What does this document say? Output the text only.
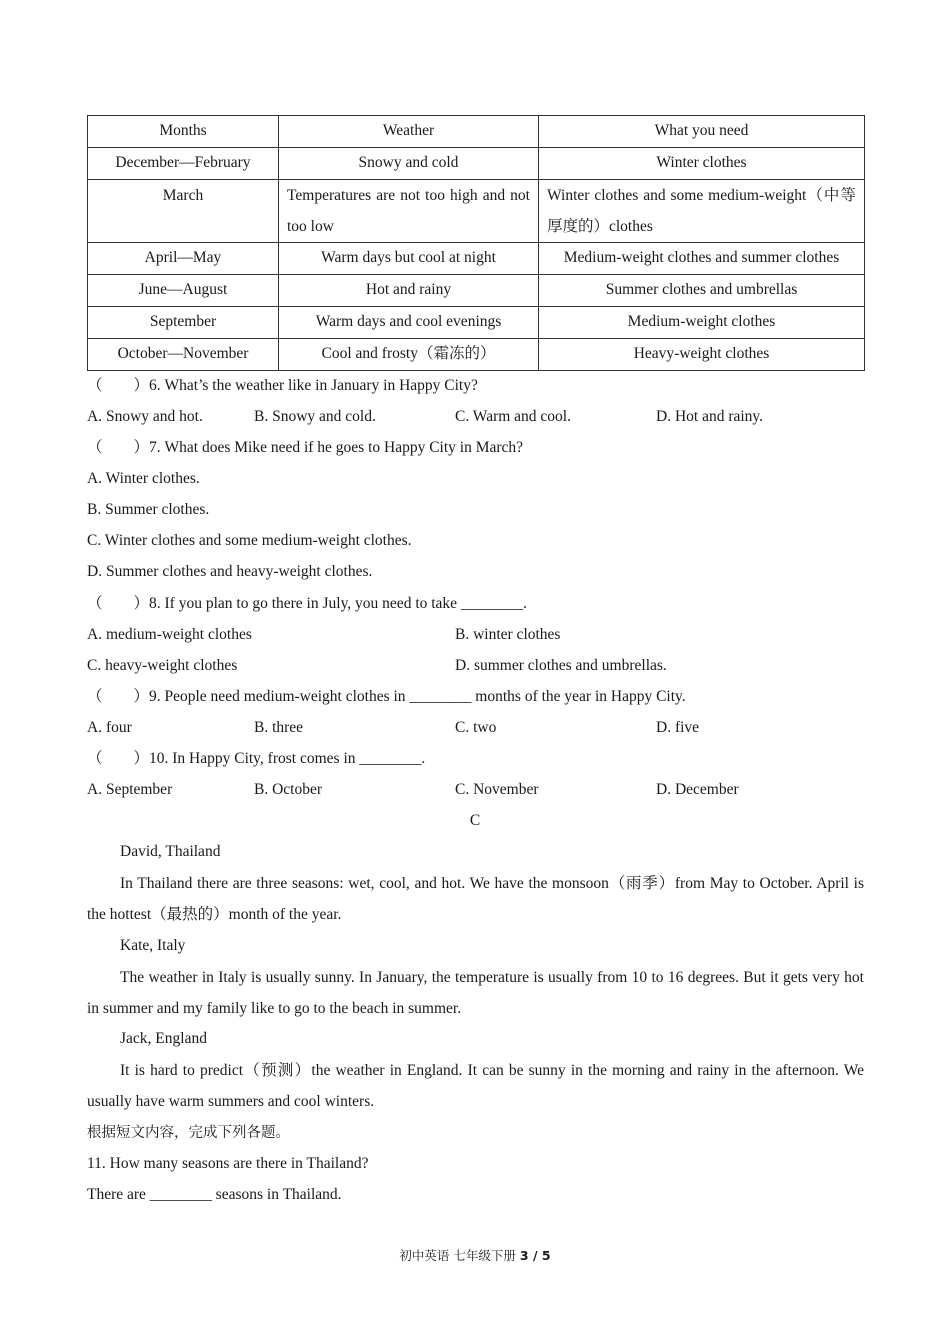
Months	Weather	What you need
December—February	Snowy and cold	Winter clothes
March	Temperatures are not too high and not too low	Winter clothes and some medium-weight（中等厚度的）clothes
April—May	Warm days but cool at night	Medium-weight clothes and summer clothes
June—August	Hot and rainy	Summer clothes and umbrellas
September	Warm days and cool evenings	Medium-weight clothes
October—November	Cool and frosty（霜冻的）	Heavy-weight clothes
（　　）6. What’s the weather like in January in Happy City?
A. Snowy and hot.	B. Snowy and cold.	C. Warm and cool.	D. Hot and rainy.
（　　）7. What does Mike need if he goes to Happy City in March?
A. Winter clothes.
B. Summer clothes.
C. Winter clothes and some medium-weight clothes.
D. Summer clothes and heavy-weight clothes.
（　　）8. If you plan to go there in July, you need to take ________.
A. medium-weight clothes	B. winter clothes
C. heavy-weight clothes	D. summer clothes and umbrellas.
（　　）9. People need medium-weight clothes in ________ months of the year in Happy City.
A. four	B. three	C. two	D. five
（　　）10. In Happy City, frost comes in ________.
A. September	B. October	C. November	D. December
C
David, Thailand
In Thailand there are three seasons: wet, cool, and hot. We have the monsoon（雨季）from May to October. April is the hottest（最热的）month of the year.
Kate, Italy
The weather in Italy is usually sunny. In January, the temperature is usually from 10 to 16 degrees. But it gets very hot in summer and my family like to go to the beach in summer.
Jack, England
It is hard to predict（预测）the weather in England. It can be sunny in the morning and rainy in the afternoon. We usually have warm summers and cool winters.
根据短文内容，完成下列各题。
11. How many seasons are there in Thailand?
There are ________ seasons in Thailand.
初中英语 七年级下册 3 / 5
